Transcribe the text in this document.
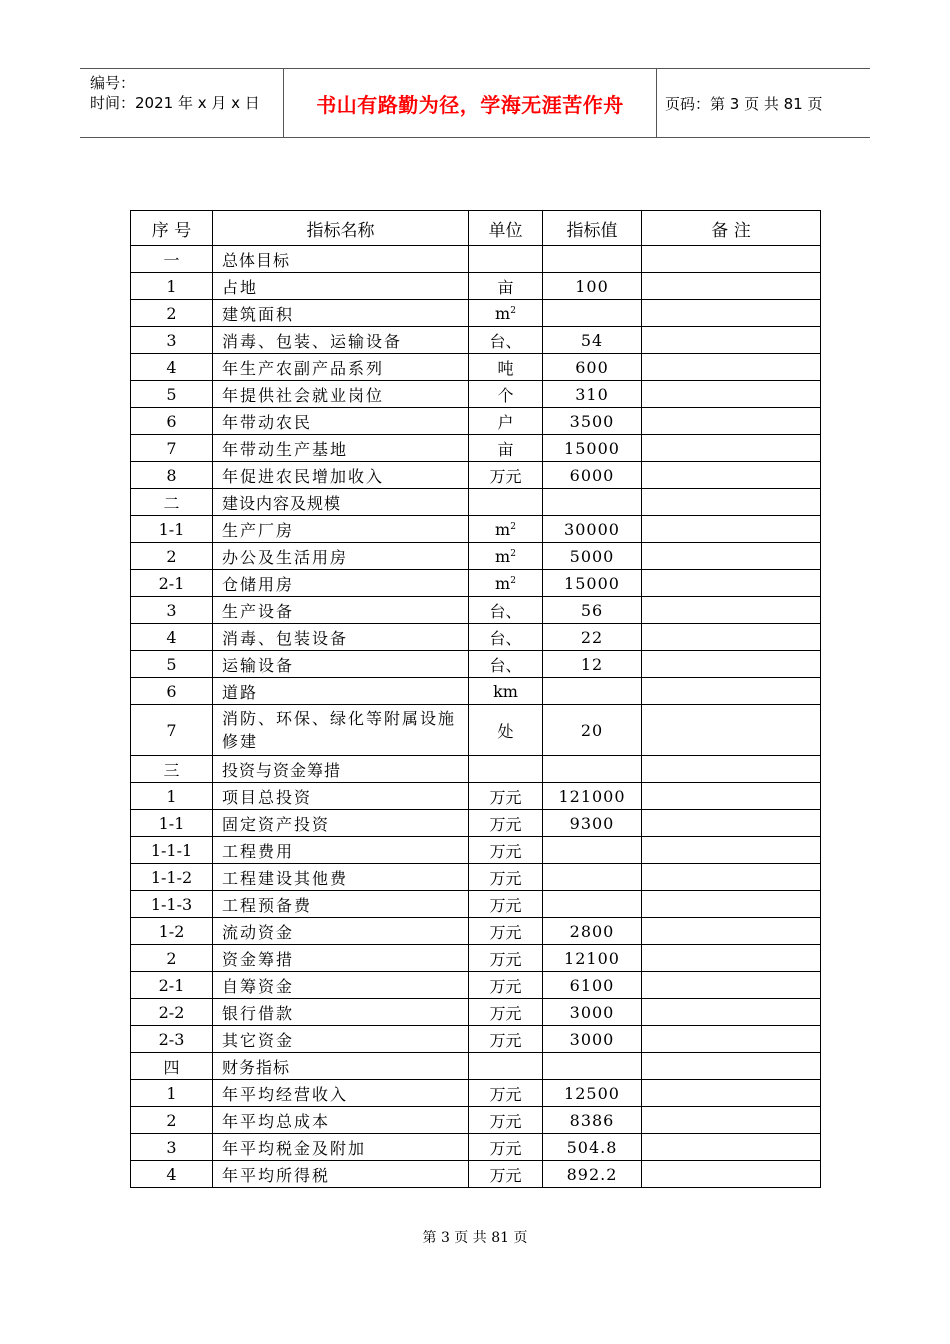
编号：
时间：2021 年 x 月 x 日	书山有路勤为径，学海无涯苦作舟	页码：第 3 页 共 81 页
序 号	指标名称	单位	指标值	备 注
一	总体目标			
1	占地	亩	100	
2	建筑面积	$m^2$		
3	消毒、包装、运输设备	台、	54	
4	年生产农副产品系列	吨	600	
5	年提供社会就业岗位	个	310	
6	年带动农民	户	3500	
7	年带动生产基地	亩	15000	
8	年促进农民增加收入	万元	6000	
二	建设内容及规模			
1-1	生产厂房	$m^2$	30000	
2	办公及生活用房	$m^2$	5000	
2-1	仓储用房	$m^2$	15000	
3	生产设备	台、	56	
4	消毒、包装设备	台、	22	
5	运输设备	台、	12	
6	道路	km		
7	消防、环保、绿化等附属设施修建	处	20	
三	投资与资金筹措			
1	项目总投资	万元	121000	
1-1	固定资产投资	万元	9300	
1-1-1	工程费用	万元		
1-1-2	工程建设其他费	万元		
1-1-3	工程预备费	万元		
1-2	流动资金	万元	2800	
2	资金筹措	万元	12100	
2-1	自筹资金	万元	6100	
2-2	银行借款	万元	3000	
2-3	其它资金	万元	3000	
四	财务指标			
1	年平均经营收入	万元	12500	
2	年平均总成本	万元	8386	
3	年平均税金及附加	万元	504.8	
4	年平均所得税	万元	892.2	
第 3 页 共 81 页
